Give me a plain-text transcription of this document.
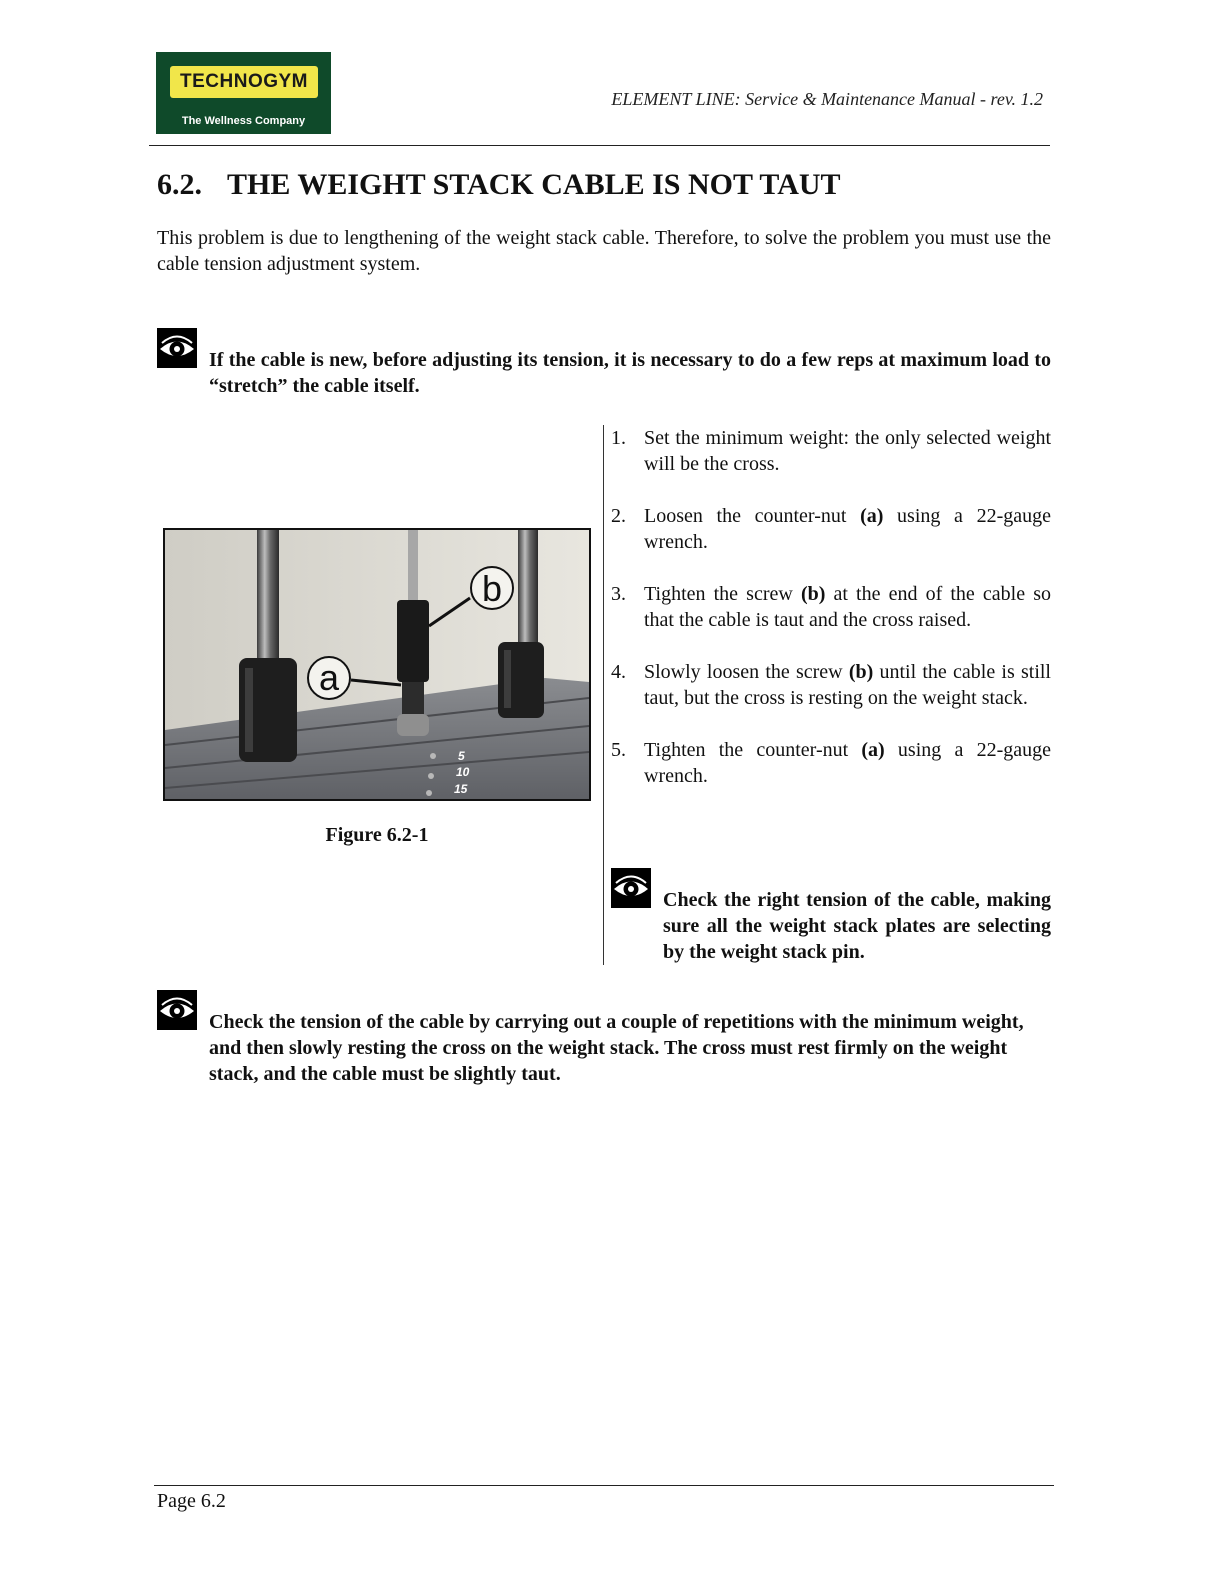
TECHNOGYM
The Wellness Company
ELEMENT LINE: Service & Maintenance Manual - rev. 1.2
6.2. THE WEIGHT STACK CABLE IS NOT TAUT
This problem is due to lengthening of the weight stack cable. Therefore, to solve the problem you must use the cable tension adjustment system.
If the cable is new, before adjusting its tension, it is necessary to do a few reps at maximum load to “stretch” the cable itself.
b
a
5
10
15
Figure 6.2-1
1. Set the minimum weight: the only selected weight will be the cross.
2. Loosen the counter-nut (a) using a 22-gauge wrench.
3. Tighten the screw (b) at the end of the cable so that the cable is taut and the cross raised.
4. Slowly loosen the screw (b) until the cable is still taut, but the cross is resting on the weight stack.
5. Tighten the counter-nut (a) using a 22-gauge wrench.
Check the right tension of the cable, making sure all the weight stack plates are selecting by the weight stack pin.
Check the tension of the cable by carrying out a couple of repetitions with the minimum weight, and then slowly resting the cross on the weight stack. The cross must rest firmly on the weight stack, and the cable must be slightly taut.
Page 6.2
